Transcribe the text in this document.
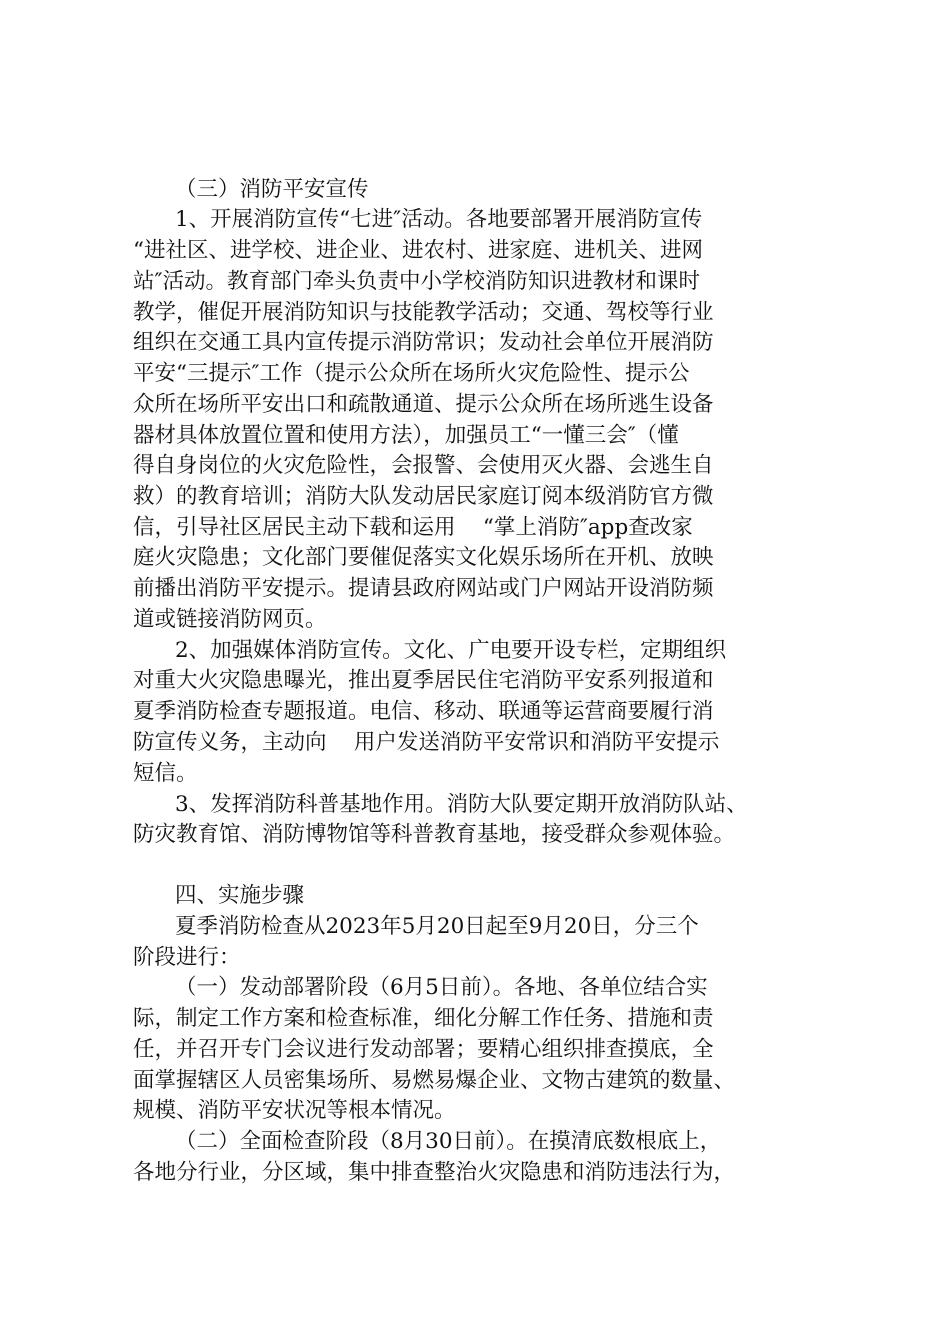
（三）消防平安宣传
1、开展消防宣传“七进″活动。各地要部署开展消防宣传
“进社区、进学校、进企业、进农村、进家庭、进机关、进网
站″活动。教育部门牵头负责中小学校消防知识进教材和课时
教学，催促开展消防知识与技能教学活动；交通、驾校等行业
组织在交通工具内宣传提示消防常识；发动社会单位开展消防
平安“三提示″工作（提示公众所在场所火灾危险性、提示公
众所在场所平安出口和疏散通道、提示公众所在场所逃生设备
器材具体放置位置和使用方法），加强员工“一懂三会″（懂
得自身岗位的火灾危险性，会报警、会使用灭火器、会逃生自
救）的教育培训；消防大队发动居民家庭订阅本级消防官方微
信，引导社区居民主动下载和运用    “掌上消防″app查改家
庭火灾隐患；文化部门要催促落实文化娱乐场所在开机、放映
前播出消防平安提示。提请县政府网站或门户网站开设消防频
道或链接消防网页。
2、加强媒体消防宣传。文化、广电要开设专栏，定期组织
对重大火灾隐患曝光，推出夏季居民住宅消防平安系列报道和
夏季消防检查专题报道。电信、移动、联通等运营商要履行消
防宣传义务，主动向    用户发送消防平安常识和消防平安提示
短信。
3、发挥消防科普基地作用。消防大队要定期开放消防队站、
防灾教育馆、消防博物馆等科普教育基地，接受群众参观体验。
四、实施步骤
夏季消防检查从2023年5月20日起至9月20日，分三个
阶段进行：
（一）发动部署阶段（6月5日前）。各地、各单位结合实
际，制定工作方案和检查标准，细化分解工作任务、措施和责
任，并召开专门会议进行发动部署；要精心组织排查摸底，全
面掌握辖区人员密集场所、易燃易爆企业、文物古建筑的数量、
规模、消防平安状况等根本情况。
（二）全面检查阶段（8月30日前）。在摸清底数根底上，
各地分行业，分区域，集中排查整治火灾隐患和消防违法行为，
